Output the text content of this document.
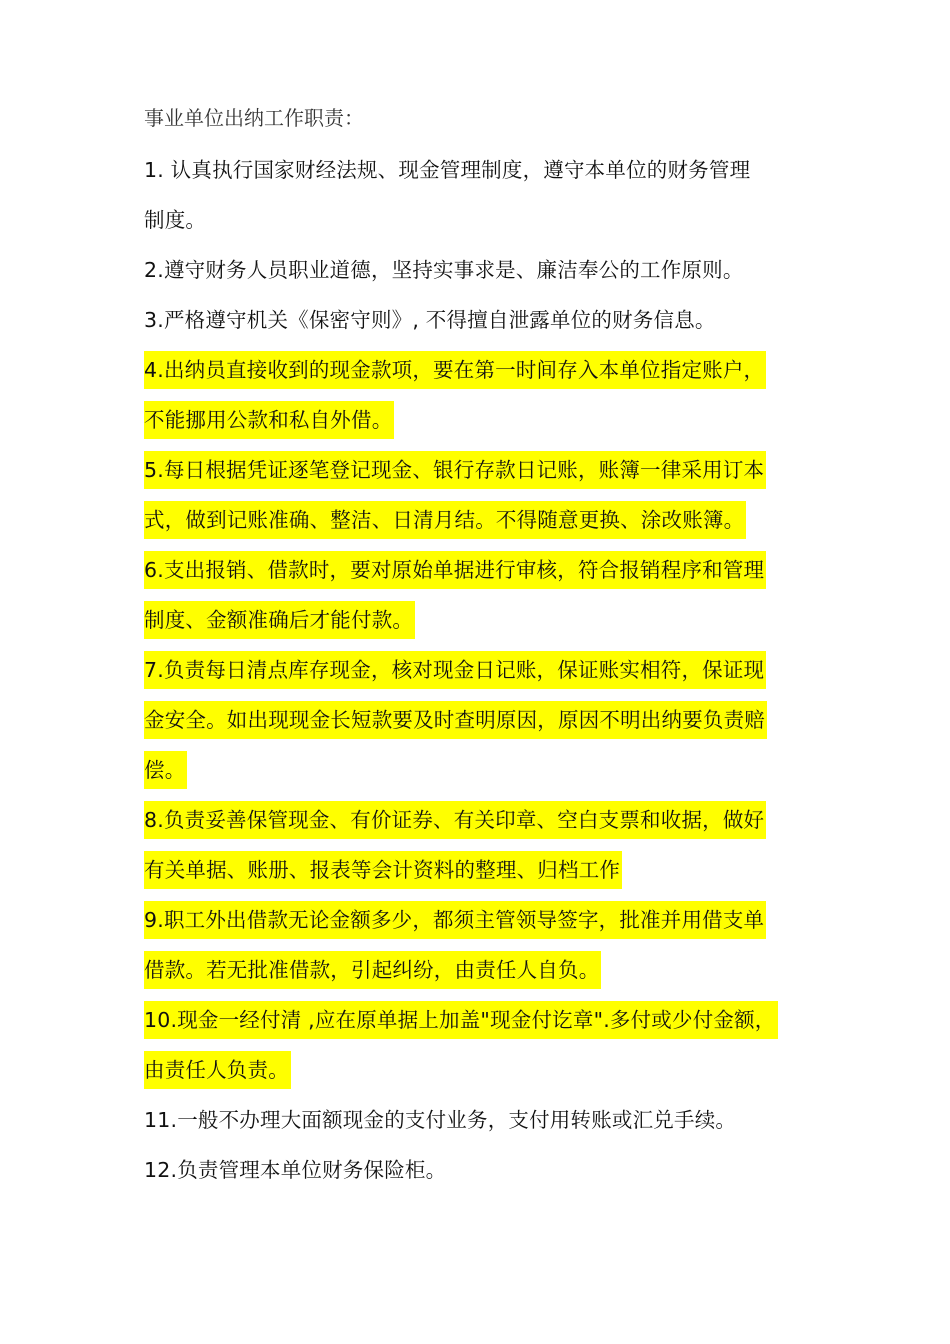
事业单位出纳工作职责：
1. 认真执行国家财经法规、现金管理制度，遵守本单位的财务管理
制度。
2.遵守财务人员职业道德，坚持实事求是、廉洁奉公的工作原则。
3.严格遵守机关《保密守则》, 不得擅自泄露单位的财务信息。
4.出纳员直接收到的现金款项，要在第一时间存入本单位指定账户，
不能挪用公款和私自外借。
5.每日根据凭证逐笔登记现金、银行存款日记账，账簿一律采用订本
式，做到记账准确、整洁、日清月结。不得随意更换、涂改账簿。
6.支出报销、借款时，要对原始单据进行审核，符合报销程序和管理
制度、金额准确后才能付款。
7.负责每日清点库存现金，核对现金日记账，保证账实相符，保证现
金安全。如出现现金长短款要及时查明原因，原因不明出纳要负责赔
偿。
8.负责妥善保管现金、有价证券、有关印章、空白支票和收据，做好
有关单据、账册、报表等会计资料的整理、归档工作
9.职工外出借款无论金额多少，都须主管领导签字，批准并用借支单
借款。若无批准借款，引起纠纷，由责任人自负。
10.现金一经付清 ,应在原单据上加盖"现金付讫章".多付或少付金额，
由责任人负责。
11.一般不办理大面额现金的支付业务，支付用转账或汇兑手续。
12.负责管理本单位财务保险柜。
